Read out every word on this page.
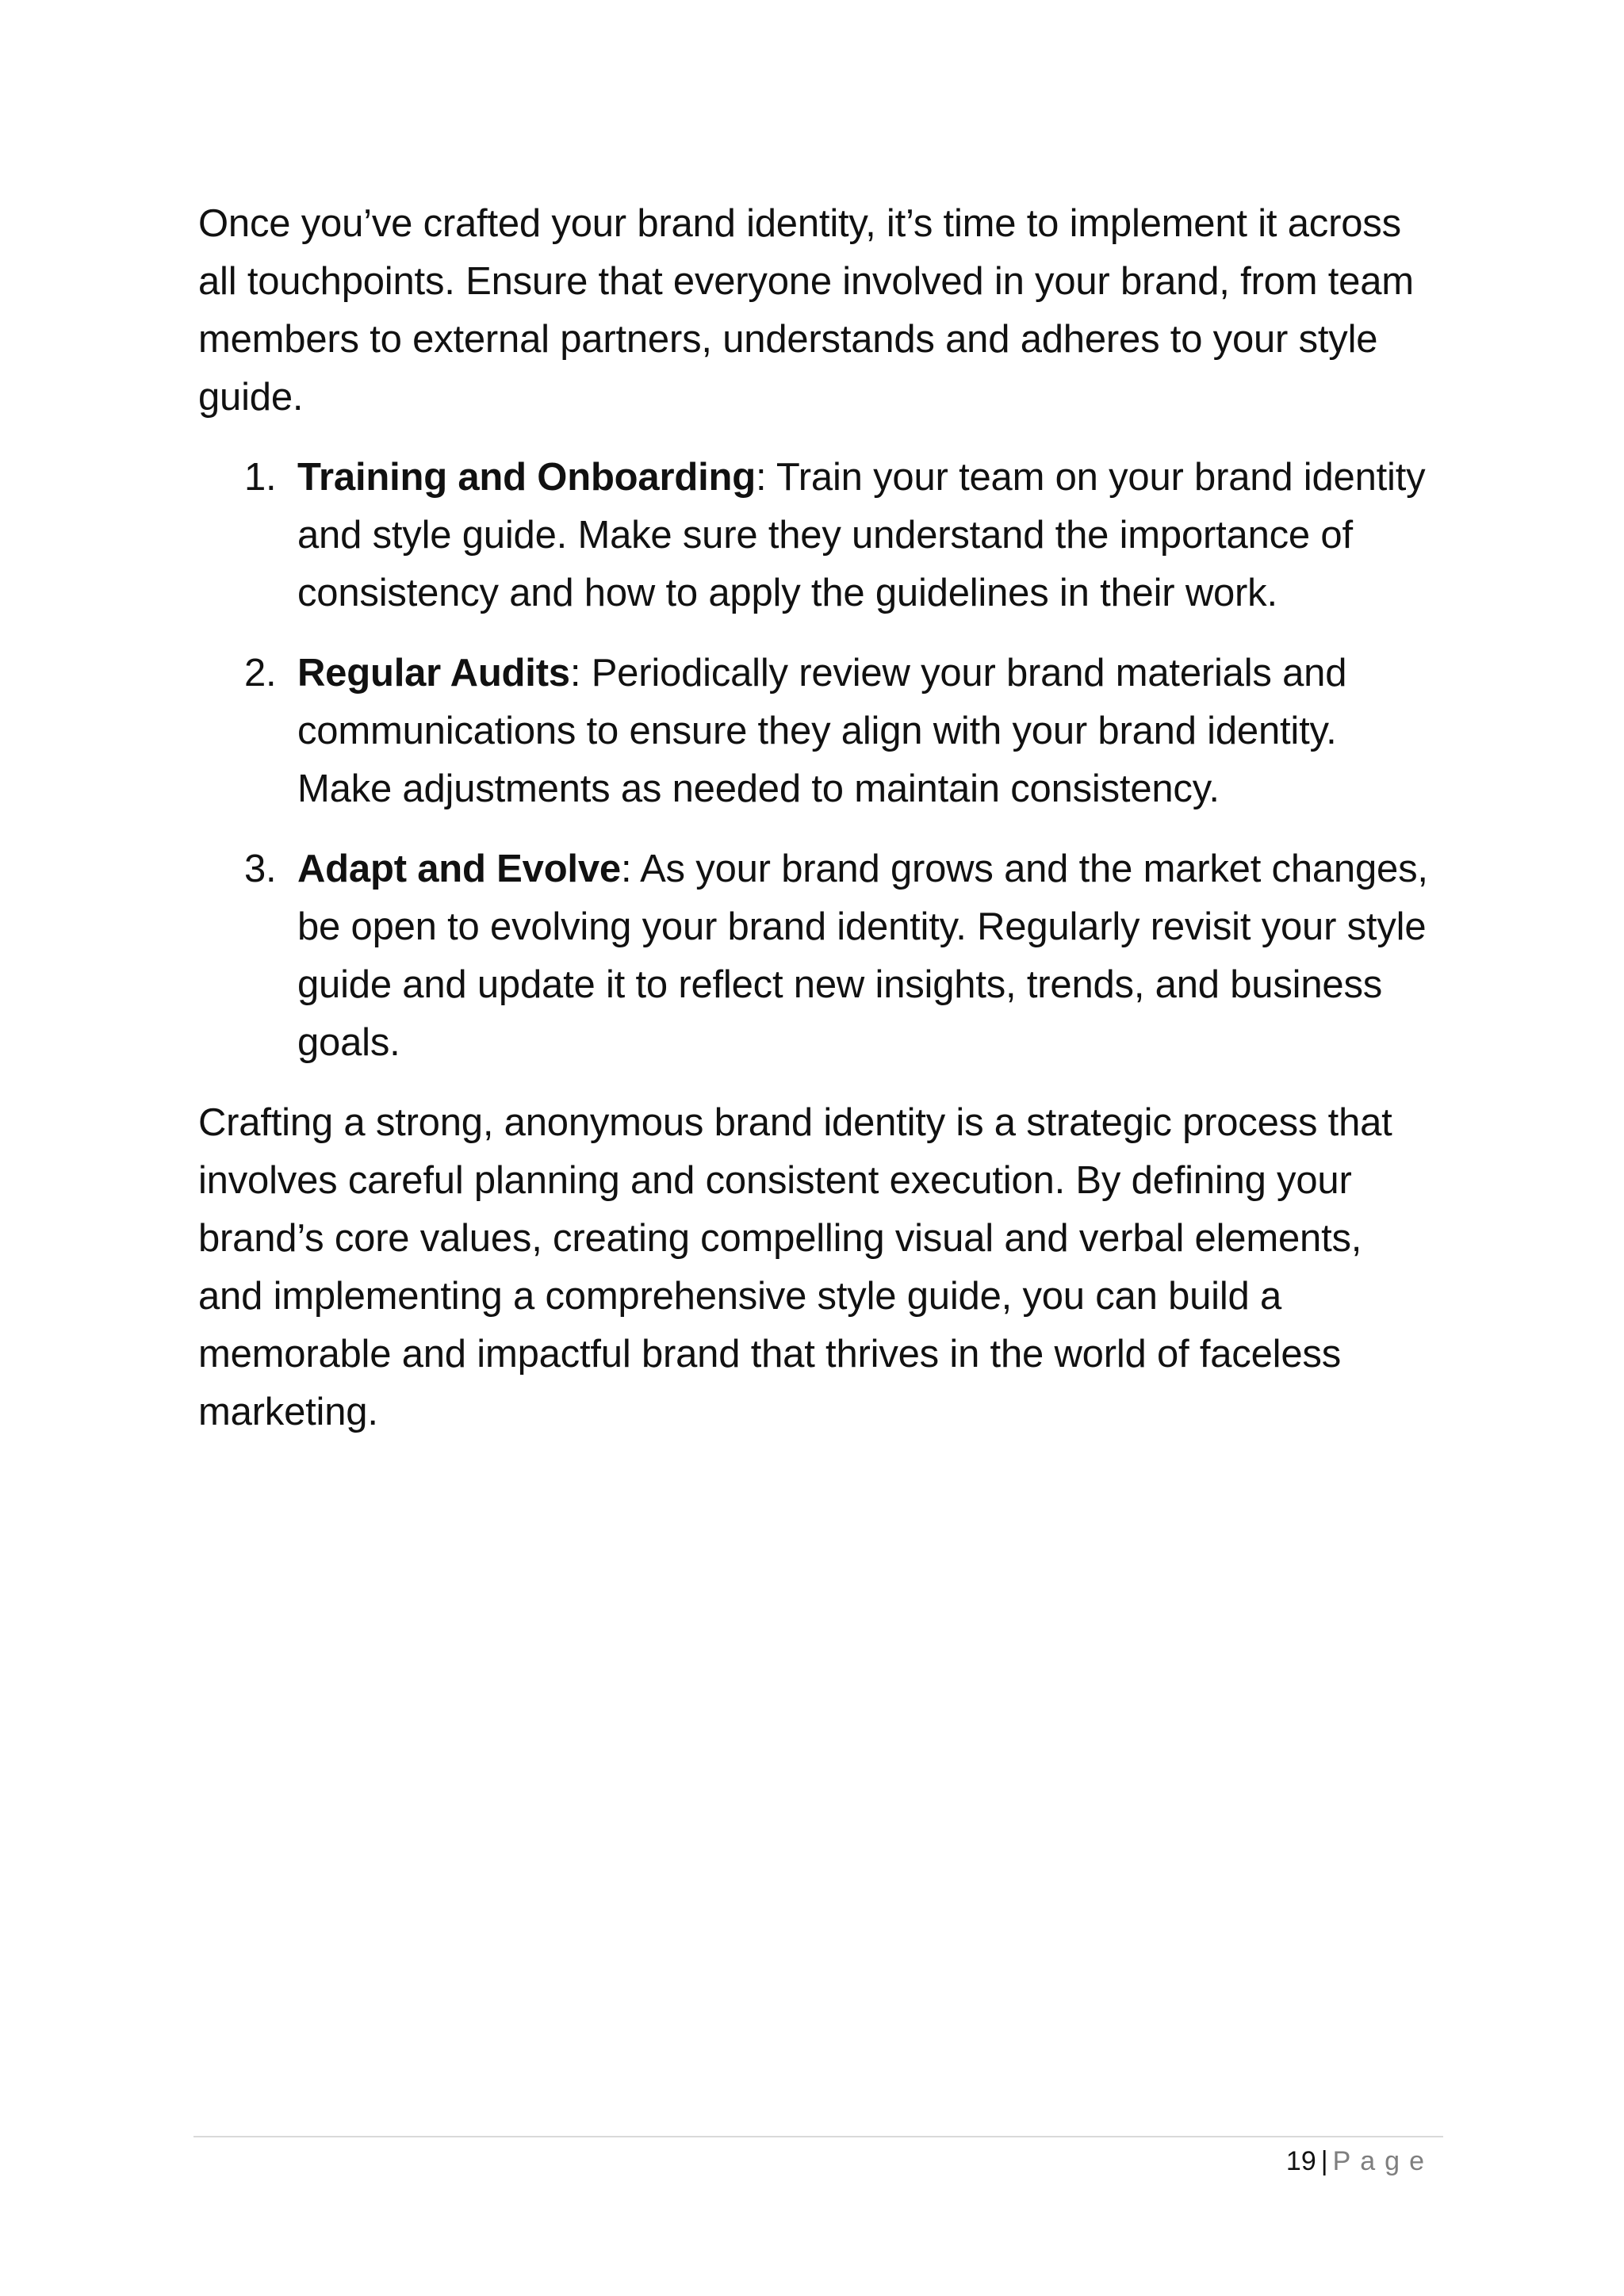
Once you’ve crafted your brand identity, it’s time to implement it across all touchpoints. Ensure that everyone involved in your brand, from team members to external partners, understands and adheres to your style guide.

1. Training and Onboarding: Train your team on your brand identity and style guide. Make sure they understand the importance of consistency and how to apply the guidelines in their work.
2. Regular Audits: Periodically review your brand materials and communications to ensure they align with your brand identity. Make adjustments as needed to maintain consistency.
3. Adapt and Evolve: As your brand grows and the market changes, be open to evolving your brand identity. Regularly revisit your style guide and update it to reflect new insights, trends, and business goals.

Crafting a strong, anonymous brand identity is a strategic process that involves careful planning and consistent execution. By defining your brand’s core values, creating compelling visual and verbal elements, and implementing a comprehensive style guide, you can build a memorable and impactful brand that thrives in the world of faceless marketing.

19 | Page
